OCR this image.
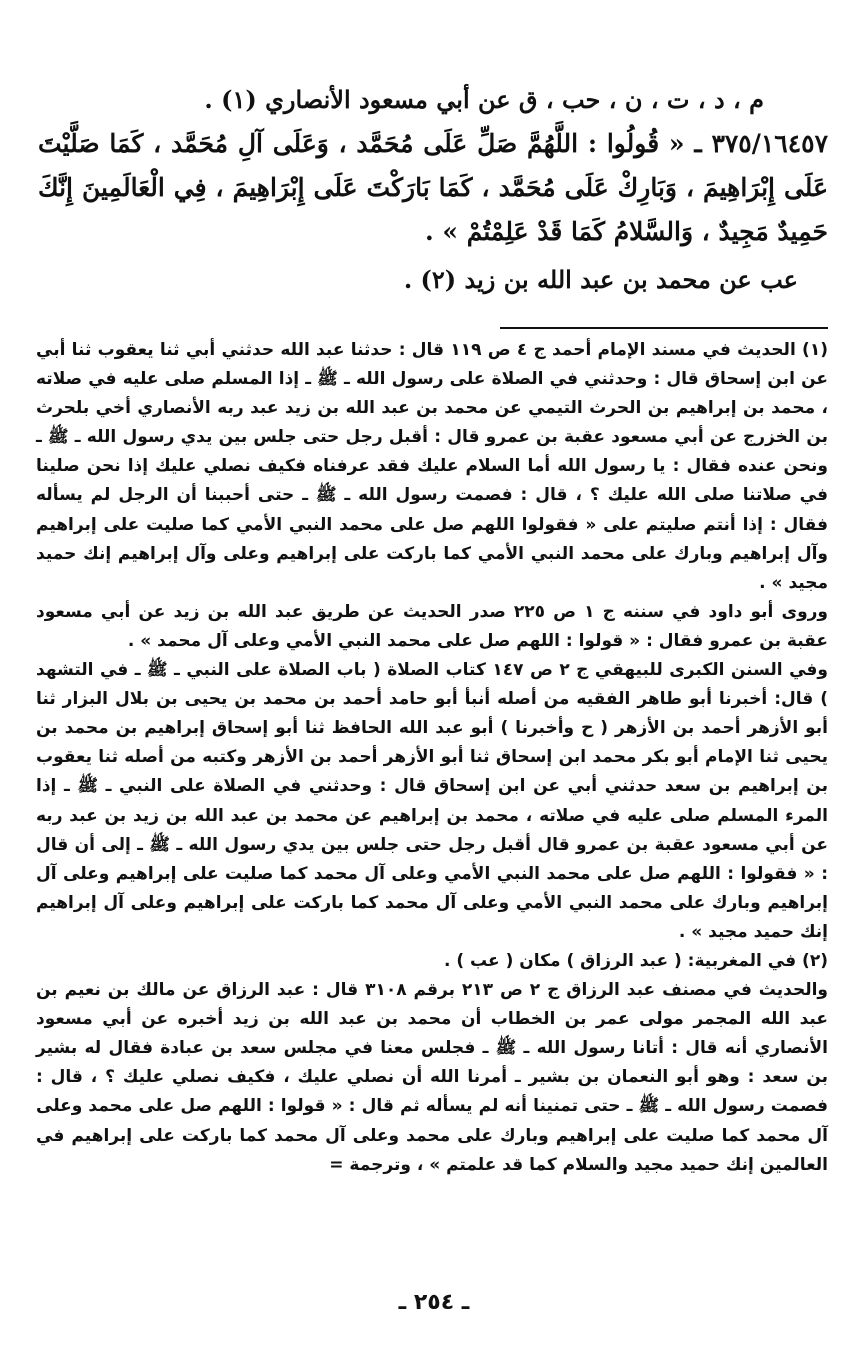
م ، د ، ت ، ن ، حب ، ق عن أبي مسعود الأنصاري (١) .

٣٧٥/١٦٤٥٧ ـ « قُولُوا : اللَّهُمَّ صَلِّ عَلَى مُحَمَّد ، وَعَلَى آلِ مُحَمَّد ، كَمَا صَلَّيْتَ عَلَى إِبْرَاهِيمَ ، وَبَارِكْ عَلَى مُحَمَّد ، كَمَا بَارَكْتَ عَلَى إِبْرَاهِيمَ ، فِي الْعَالَمِينَ إِنَّكَ حَمِيدٌ مَجِيدٌ ، وَالسَّلامُ كَمَا قَدْ عَلِمْتُمْ » .

عب عن محمد بن عبد الله بن زيد (٢) .

(١) الحديث في مسند الإمام أحمد ج ٤ ص ١١٩ قال : حدثنا عبد الله حدثني أبي ثنا يعقوب ثنا أبي عن ابن إسحاق قال : وحدثني في الصلاة على رسول الله ـ ﷺ ـ إذا المسلم صلى عليه في صلاته ، محمد بن إبراهيم بن الحرث التيمي عن محمد بن عبد الله بن زيد عبد ربه الأنصاري أخي بلحرث بن الخزرج عن أبي مسعود عقبة بن عمرو قال : أقبل رجل حتى جلس بين يدي رسول الله ـ ﷺ ـ ونحن عنده فقال : يا رسول الله أما السلام عليك فقد عرفناه فكيف نصلي عليك إذا نحن صلينا في صلاتنا صلى الله عليك ؟ ، قال : فصمت رسول الله ـ ﷺ ـ حتى أحببنا أن الرجل لم يسأله فقال : إذا أنتم صليتم على « فقولوا اللهم صل على محمد النبي الأمي كما صليت على إبراهيم وآل إبراهيم وبارك على محمد النبي الأمي كما باركت على إبراهيم وعلى وآل إبراهيم إنك حميد مجيد » .

وروى أبو داود في سننه ج ١ ص ٢٢٥ صدر الحديث عن طريق عبد الله بن زيد عن أبي مسعود عقبة بن عمرو فقال : « قولوا : اللهم صل على محمد النبي الأمي وعلى آل محمد » .

وفي السنن الكبرى للبيهقي ج ٢ ص ١٤٧ كتاب الصلاة ( باب الصلاة على النبي ـ ﷺ ـ في التشهد ) قال: أخبرنا أبو طاهر الفقيه من أصله أنبأ أبو حامد أحمد بن محمد بن يحيى بن بلال البزار ثنا أبو الأزهر أحمد بن الأزهر ( ح وأخبرنا ) أبو عبد الله الحافظ ثنا أبو إسحاق إبراهيم بن محمد بن يحيى ثنا الإمام أبو بكر محمد ابن إسحاق ثنا أبو الأزهر أحمد بن الأزهر وكتبه من أصله ثنا يعقوب بن إبراهيم بن سعد حدثني أبي عن ابن إسحاق قال : وحدثني في الصلاة على النبي ـ ﷺ ـ إذا المرء المسلم صلى عليه في صلاته ، محمد بن إبراهيم عن محمد بن عبد الله بن زيد بن عبد ربه عن أبي مسعود عقبة بن عمرو قال أقبل رجل حتى جلس بين يدي رسول الله ـ ﷺ ـ إلى أن قال : « فقولوا : اللهم صل على محمد النبي الأمي وعلى آل محمد كما صليت على إبراهيم وعلى آل إبراهيم وبارك على محمد النبي الأمي وعلى آل محمد كما باركت على إبراهيم وعلى آل إبراهيم إنك حميد مجيد » .

(٢) في المغربية: ( عبد الرزاق ) مكان ( عب ) .

والحديث في مصنف عبد الرزاق ج ٢ ص ٢١٣ برقم ٣١٠٨ قال : عبد الرزاق عن مالك بن نعيم بن عبد الله المجمر مولى عمر بن الخطاب أن محمد بن عبد الله بن زيد أخبره عن أبي مسعود الأنصاري أنه قال : أتانا رسول الله ـ ﷺ ـ فجلس معنا في مجلس سعد بن عبادة فقال له بشير بن سعد : وهو أبو النعمان بن بشير ـ أمرنا الله أن نصلي عليك ، فكيف نصلي عليك ؟ ، قال : فصمت رسول الله ـ ﷺ ـ حتى تمنينا أنه لم يسأله ثم قال : « قولوا : اللهم صل على محمد وعلى آل محمد كما صليت على إبراهيم وبارك على محمد وعلى آل محمد كما باركت على إبراهيم في العالمين إنك حميد مجيد والسلام كما قد علمتم » ، وترجمة =

ـ ٢٥٤ ـ
